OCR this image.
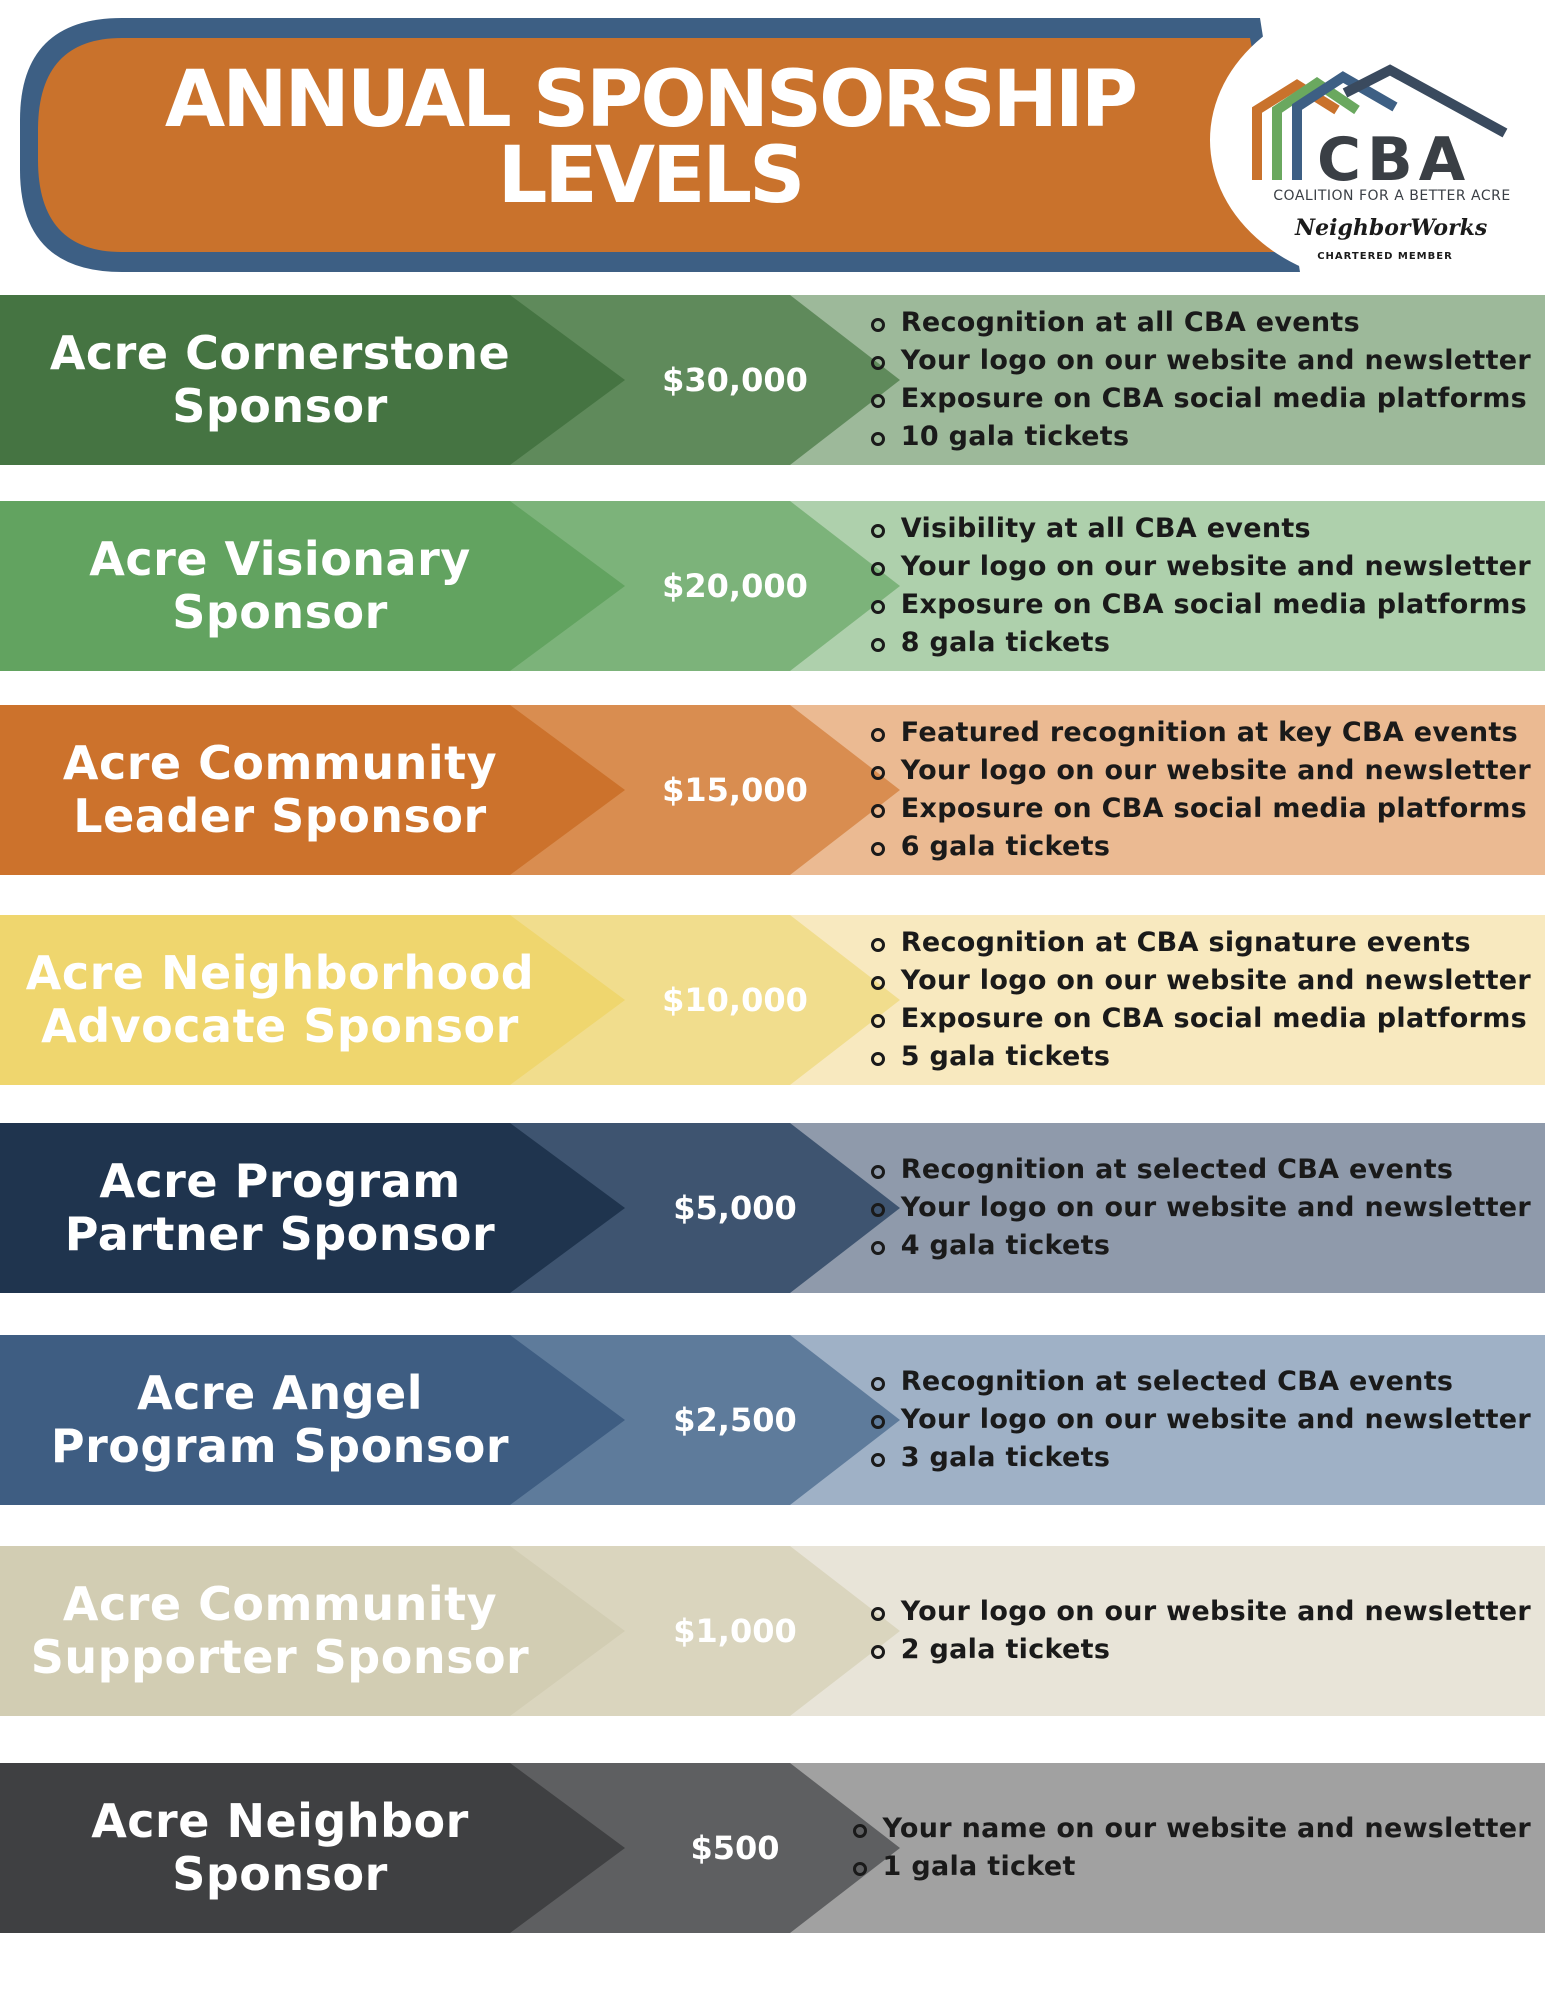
ANNUAL SPONSORSHIP
LEVELS	CBA
COALITION FOR A BETTER ACRE
NeighborWorks
CHARTERED MEMBER
Acre Cornerstone
Sponsor	$30,000
Recognition at all CBA events
Your logo on our website and newsletter
Exposure on CBA social media platforms
10 gala tickets
Acre Visionary
Sponsor	$20,000
Visibility at all CBA events
Your logo on our website and newsletter
Exposure on CBA social media platforms
8 gala tickets
Acre Community
Leader Sponsor	$15,000
Featured recognition at key CBA events
Your logo on our website and newsletter
Exposure on CBA social media platforms
6 gala tickets
Acre Neighborhood
Advocate Sponsor	$10,000
Recognition at CBA signature events
Your logo on our website and newsletter
Exposure on CBA social media platforms
5 gala tickets
Acre Program
Partner Sponsor	$5,000
Recognition at selected CBA events
Your logo on our website and newsletter
4 gala tickets
Acre Angel
Program Sponsor	$2,500
Recognition at selected CBA events
Your logo on our website and newsletter
3 gala tickets
Acre Community
Supporter Sponsor	$1,000
Your logo on our website and newsletter
2 gala tickets
Acre Neighbor
Sponsor	$500
Your name on our website and newsletter
1 gala ticket
